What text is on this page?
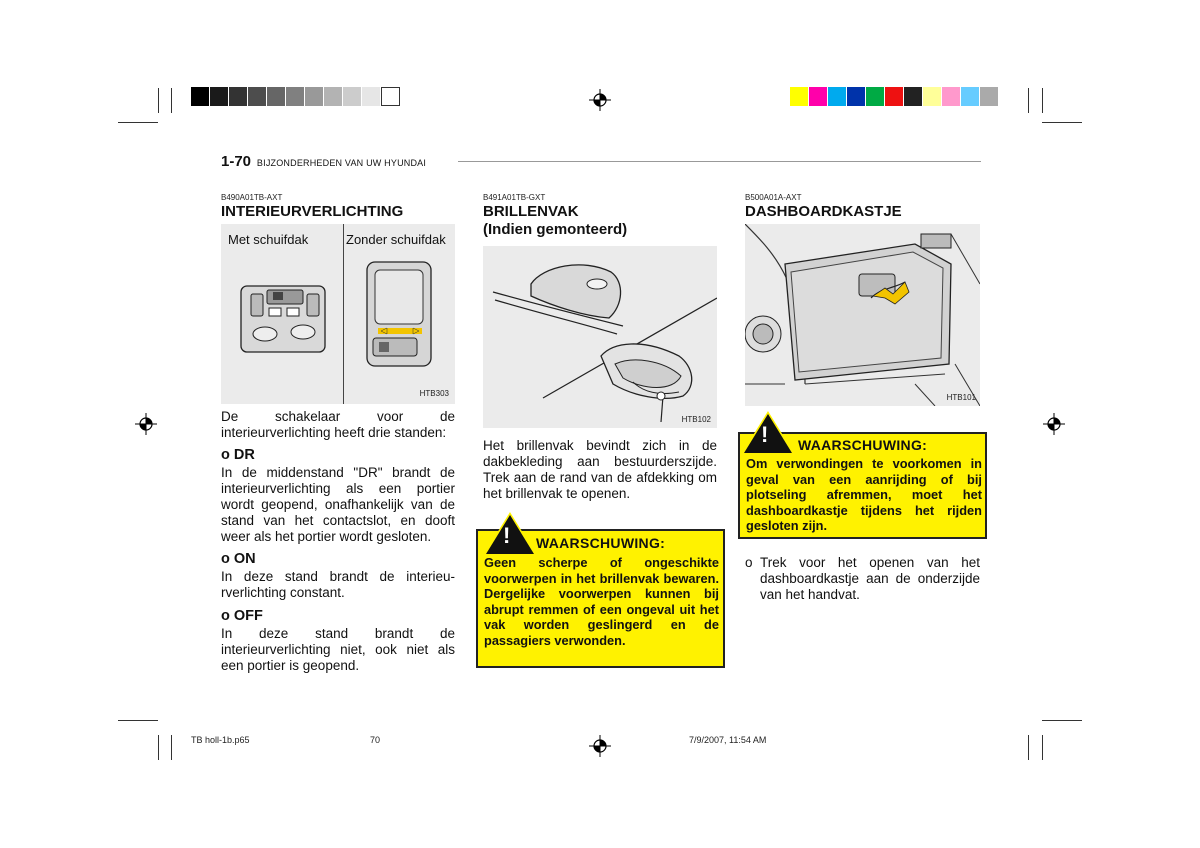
1-70 BIJZONDERHEDEN VAN UW HYUNDAI
B490A01TB-AXT
INTERIEURVERLICHTING
Met schuifdak	Zonder schuifdak
HTB303
De schakelaar voor de interieurverlichting heeft drie standen:
o DR
In de middenstand "DR" brandt de interieurverlichting als een portier wordt geopend, onafhankelijk van de stand van het contactslot, en dooft weer als het portier wordt gesloten.
o ON
In deze stand brandt de interieu-rverlichting constant.
o OFF
In deze stand brandt de interieurverlichting niet, ook niet als een portier is geopend.
B491A01TB-GXT
BRILLENVAK
(Indien gemonteerd)
HTB102
Het brillenvak bevindt zich in de dakbekleding aan bestuurderszijde. Trek aan de rand van de afdekking om het brillenvak te openen.
! WAARSCHUWING:
Geen scherpe of ongeschikte voorwerpen in het brillenvak bewaren. Dergelijke voorwerpen kunnen bij abrupt remmen of een ongeval uit het vak worden geslingerd en de passagiers verwonden.
B500A01A-AXT
DASHBOARDKASTJE
HTB101
! WAARSCHUWING:
Om verwondingen te voorkomen in geval van een aanrijding of bij plotseling afremmen, moet het dashboardkastje tijdens het rijden gesloten zijn.
o Trek voor het openen van het dashboardkastje aan de onderzijde van het handvat.
TB holl-1b.p65	70	7/9/2007, 11:54 AM
